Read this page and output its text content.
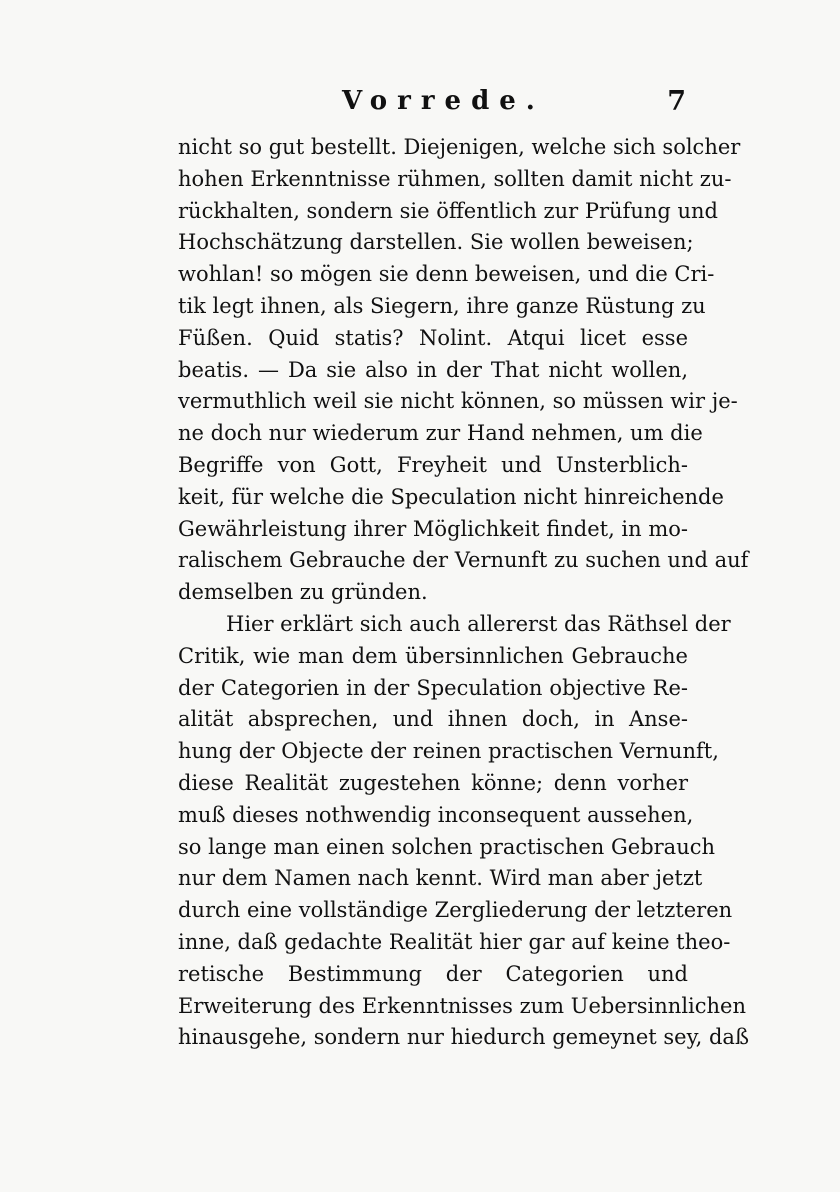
Vorrede.	7
nicht so gut bestellt. Diejenigen, welche sich solcher
hohen Erkenntnisse rühmen, sollten damit nicht zu-
rückhalten, sondern sie öffentlich zur Prüfung und
Hochschätzung darstellen. Sie wollen beweisen;
wohlan! so mögen sie denn beweisen, und die Cri-
tik legt ihnen, als Siegern, ihre ganze Rüstung zu
Füßen. Quid statis? Nolint. Atqui licet esse
beatis. — Da sie also in der That nicht wollen,
vermuthlich weil sie nicht können, so müssen wir je-
ne doch nur wiederum zur Hand nehmen, um die
Begriffe von Gott, Freyheit und Unsterblich-
keit, für welche die Speculation nicht hinreichende
Gewährleistung ihrer Möglichkeit findet, in mo-
ralischem Gebrauche der Vernunft zu suchen und auf
demselben zu gründen.
Hier erklärt sich auch allererst das Räthsel der
Critik, wie man dem übersinnlichen Gebrauche
der Categorien in der Speculation objective Re-
alität absprechen, und ihnen doch, in Anse-
hung der Objecte der reinen practischen Vernunft,
diese Realität zugestehen könne; denn vorher
muß dieses nothwendig inconsequent aussehen,
so lange man einen solchen practischen Gebrauch
nur dem Namen nach kennt. Wird man aber jetzt
durch eine vollständige Zergliederung der letzteren
inne, daß gedachte Realität hier gar auf keine theo-
retische Bestimmung der Categorien und
Erweiterung des Erkenntnisses zum Uebersinnlichen
hinausgehe, sondern nur hiedurch gemeynet sey, daß
